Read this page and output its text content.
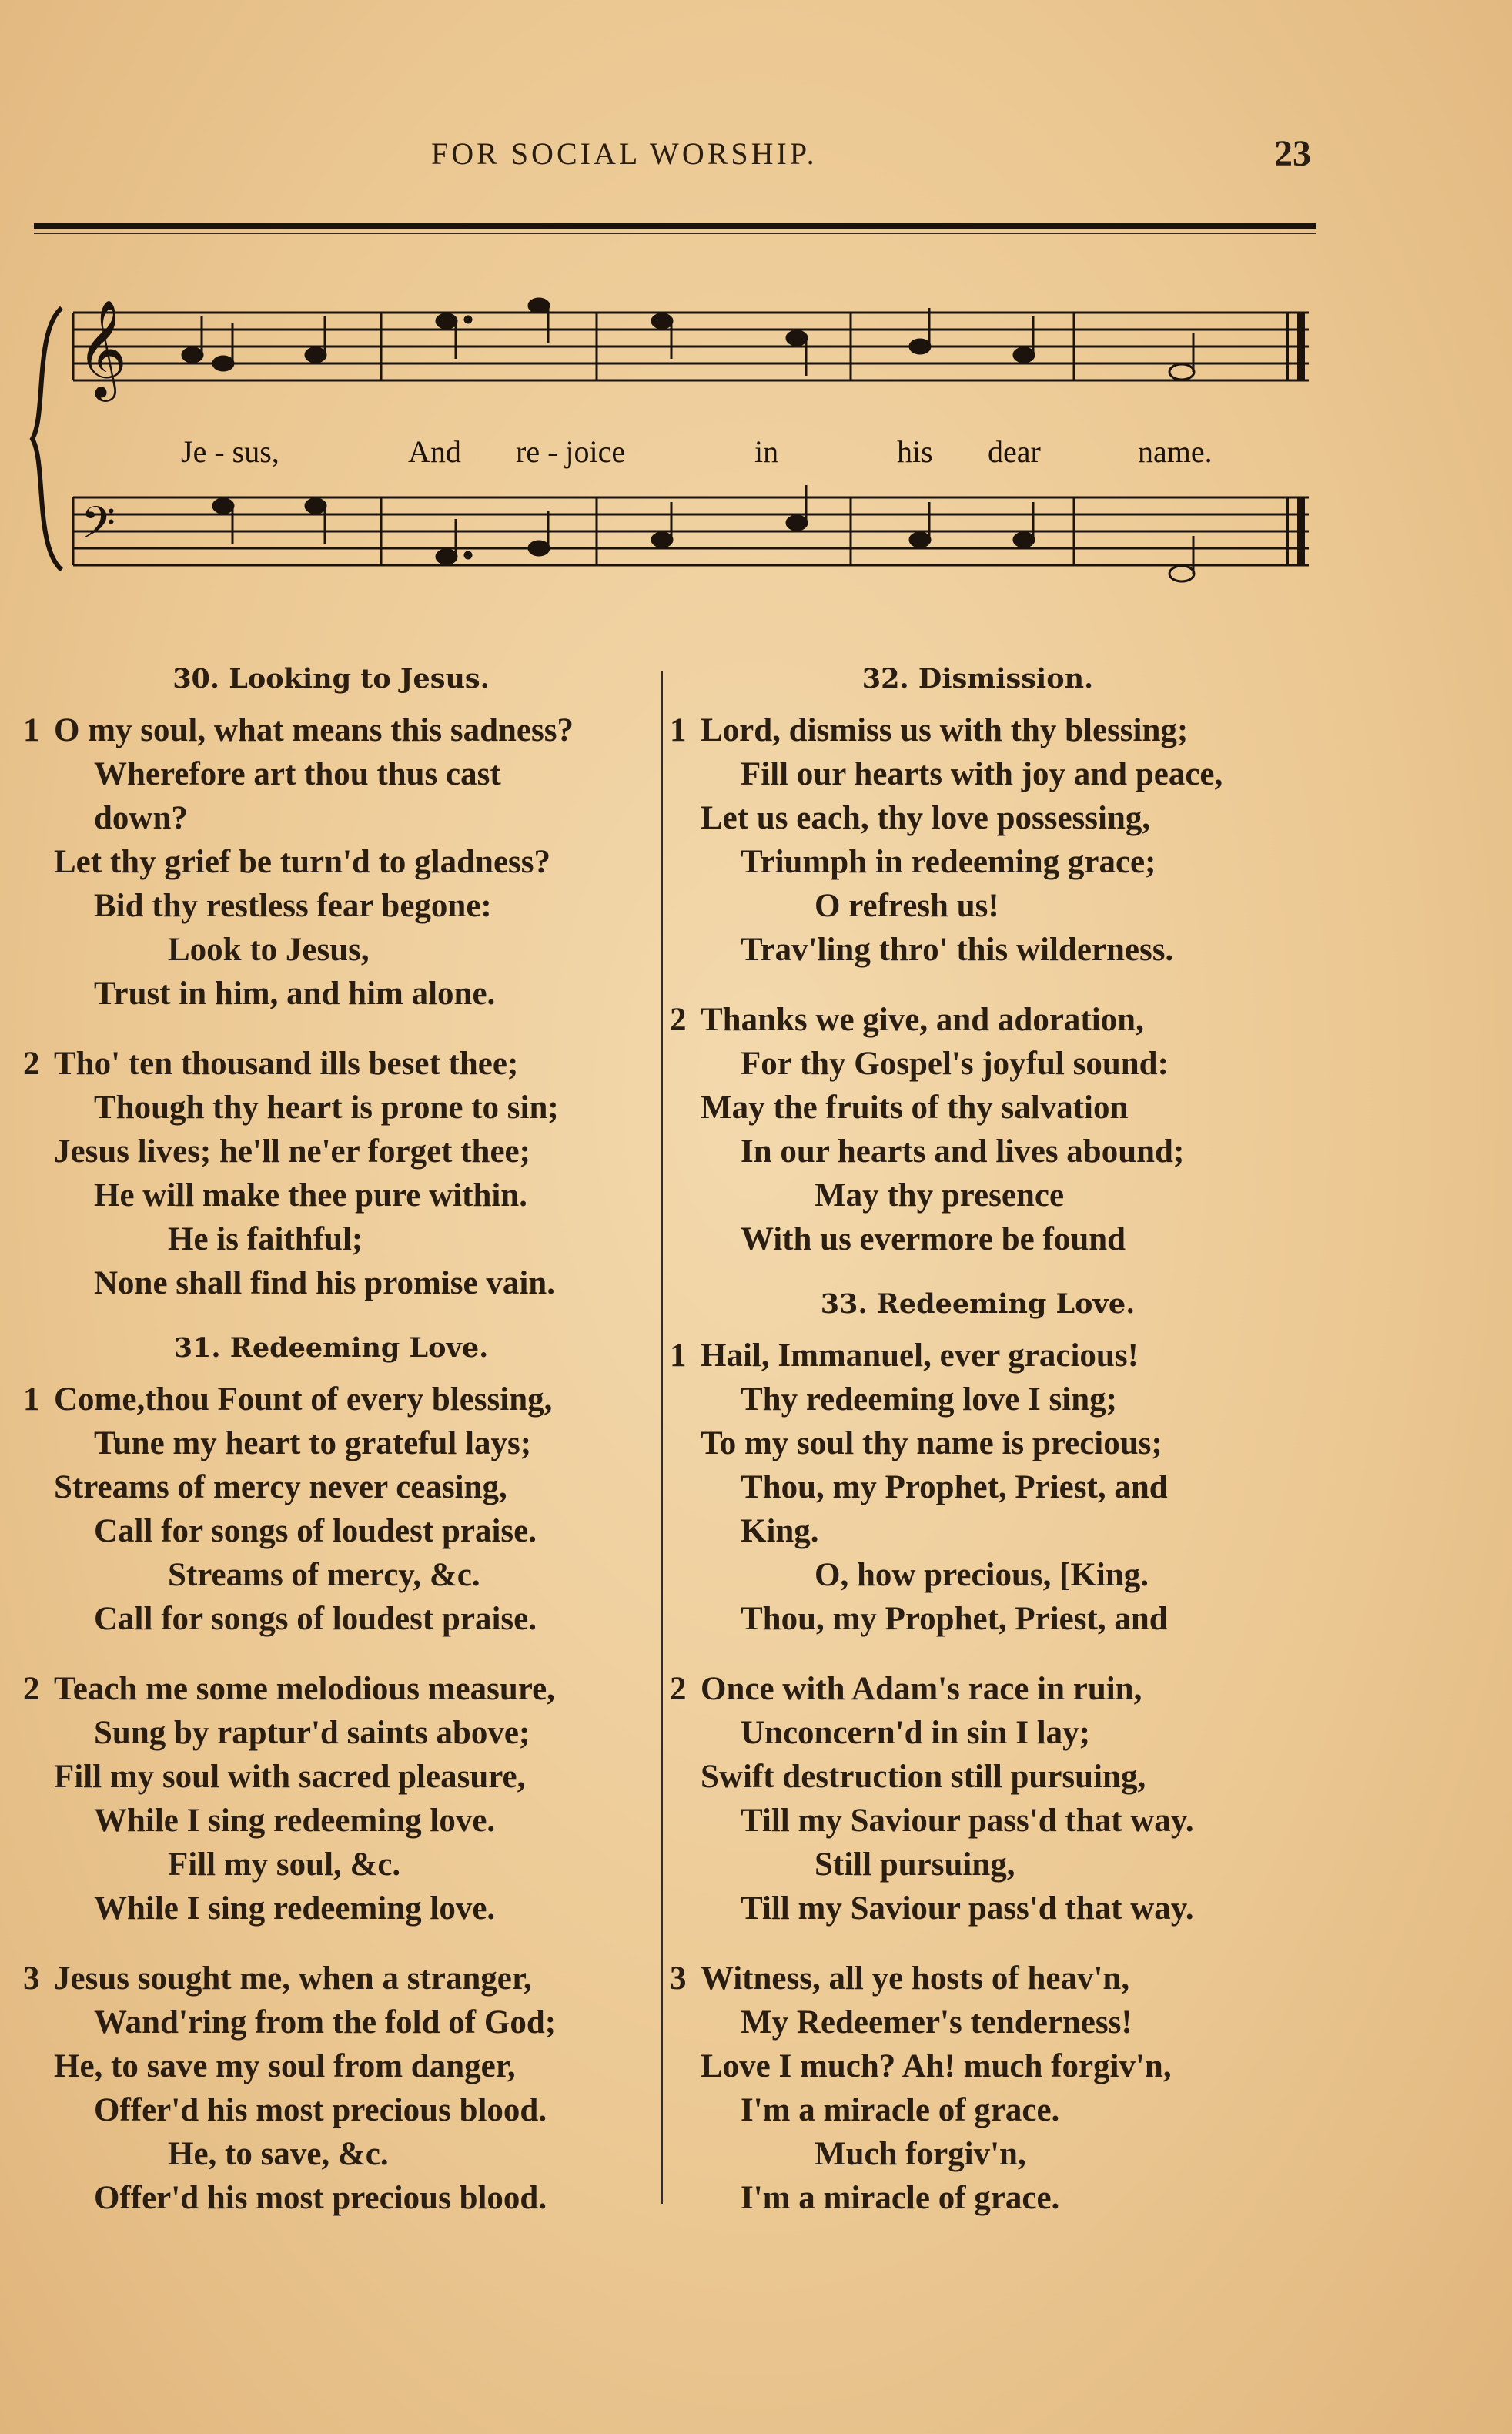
FOR SOCIAL WORSHIP.	23
𝄞
𝄢
Je - sus,	And re - joice	in	his dear	name.
30. Looking to Jesus.
1 O my soul, what means this sadness?
Wherefore art thou thus cast
down?
Let thy grief be turn'd to gladness?
Bid thy restless fear begone:
Look to Jesus,
Trust in him, and him alone.
2 Tho' ten thousand ills beset thee;
Though thy heart is prone to sin;
Jesus lives; he'll ne'er forget thee;
He will make thee pure within.
He is faithful;
None shall find his promise vain.
31. Redeeming Love.
1 Come,thou Fount of every blessing,
Tune my heart to grateful lays;
Streams of mercy never ceasing,
Call for songs of loudest praise.
Streams of mercy, &c.
Call for songs of loudest praise.
2 Teach me some melodious measure,
Sung by raptur'd saints above;
Fill my soul with sacred pleasure,
While I sing redeeming love.
Fill my soul, &c.
While I sing redeeming love.
3 Jesus sought me, when a stranger,
Wand'ring from the fold of God;
He, to save my soul from danger,
Offer'd his most precious blood.
He, to save, &c.
Offer'd his most precious blood.
32. Dismission.
1 Lord, dismiss us with thy blessing;
Fill our hearts with joy and peace,
Let us each, thy love possessing,
Triumph in redeeming grace;
O refresh us!
Trav'ling thro' this wilderness.
2 Thanks we give, and adoration,
For thy Gospel's joyful sound:
May the fruits of thy salvation
In our hearts and lives abound;
May thy presence
With us evermore be found
33. Redeeming Love.
1 Hail, Immanuel, ever gracious!
Thy redeeming love I sing;
To my soul thy name is precious;
Thou, my Prophet, Priest, and
King.
O, how precious, [King.
Thou, my Prophet, Priest, and
2 Once with Adam's race in ruin,
Unconcern'd in sin I lay;
Swift destruction still pursuing,
Till my Saviour pass'd that way.
Still pursuing,
Till my Saviour pass'd that way.
3 Witness, all ye hosts of heav'n,
My Redeemer's tenderness!
Love I much? Ah! much forgiv'n,
I'm a miracle of grace.
Much forgiv'n,
I'm a miracle of grace.
